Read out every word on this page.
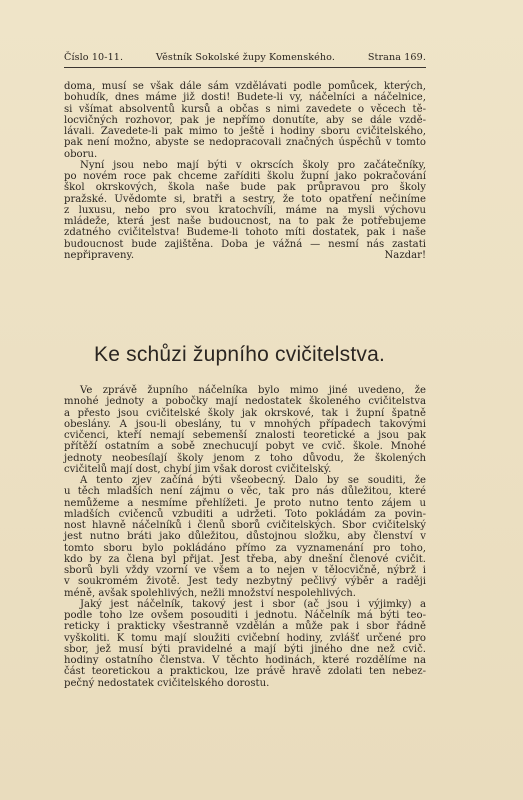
Číslo 10-11.	Věstník Sokolské župy Komenského.	Strana 169.
doma, musí se však dále sám vzdělávati podle pomůcek, kterých,
bohudík, dnes máme již dosti! Budete-li vy, náčelníci a náčelnice,
si všímat absolventů kursů a občas s nimi zavedete o věcech tě-
locvičných rozhovor, pak je nepřímo donutíte, aby se dále vzdě-
lávali. Zavedete-li pak mimo to ještě i hodiny sboru cvičitelského,
pak není možno, abyste se nedopracovali značných úspěchů v tomto
oboru.
Nyní jsou nebo mají býti v okrscích školy pro začátečníky,
po novém roce pak chceme zaříditi školu župní jako pokračování
škol okrskových, škola naše bude pak průpravou pro školy
pražské. Uvědomte si, bratři a sestry, že toto opatření nečiníme
z luxusu, nebo pro svou kratochvíli, máme na mysli výchovu
mládeže, která jest naše budoucnost, na to pak že potřebujeme
zdatného cvičitelstva! Budeme-li tohoto míti dostatek, pak i naše
budoucnost bude zajištěna. Doba je vážná — nesmí nás zastati
nepřipraveny.	Nazdar!
Ke schůzi župního cvičitelstva.
Ve zprávě župního náčelníka bylo mimo jiné uvedeno, že
mnohé jednoty a pobočky mají nedostatek školeného cvičitelstva
a přesto jsou cvičitelské školy jak okrskové, tak i župní špatně
obeslány. A jsou-li obeslány, tu v mnohých případech takovými
cvičenci, kteří nemají sebemenší znalosti teoretické a jsou pak
přítěží ostatním a sobě znechucují pobyt ve cvič. škole. Mnohé
jednoty neobesílají školy jenom z toho důvodu, že školených
cvičitelů mají dost, chybí jim však dorost cvičitelský.
A tento zjev začíná býti všeobecný. Dalo by se souditi, že
u těch mladších není zájmu o věc, tak pro nás důležitou, které
nemůžeme a nesmíme přehlížeti. Je proto nutno tento zájem u
mladších cvičenců vzbuditi a udržeti. Toto pokládám za povin-
nost hlavně náčelníků i členů sborů cvičitelských. Sbor cvičitelský
jest nutno bráti jako důležitou, důstojnou složku, aby členství v
tomto sboru bylo pokládáno přímo za vyznamenání pro toho,
kdo by za člena byl přijat. Jest třeba, aby dnešní členové cvičit.
sborů byli vždy vzorní ve všem a to nejen v tělocvičně, nýbrž i
v soukromém životě. Jest tedy nezbytný pečlivý výběr a raději
méně, avšak spolehlivých, nežli množství nespolehlivých.
Jaký jest náčelník, takový jest i sbor (ač jsou i výjimky) a
podle toho lze ovšem posouditi i jednotu. Náčelník má býti teo-
reticky i prakticky všestranně vzdělán a může pak i sbor řádně
vyškoliti. K tomu mají sloužiti cvičební hodiny, zvlášť určené pro
sbor, jež musí býti pravidelné a mají býti jiného dne než cvič.
hodiny ostatního členstva. V těchto hodinách, které rozdělíme na
část teoretickou a praktickou, lze právě hravě zdolati ten nebez-
pečný nedostatek cvičitelského dorostu.
